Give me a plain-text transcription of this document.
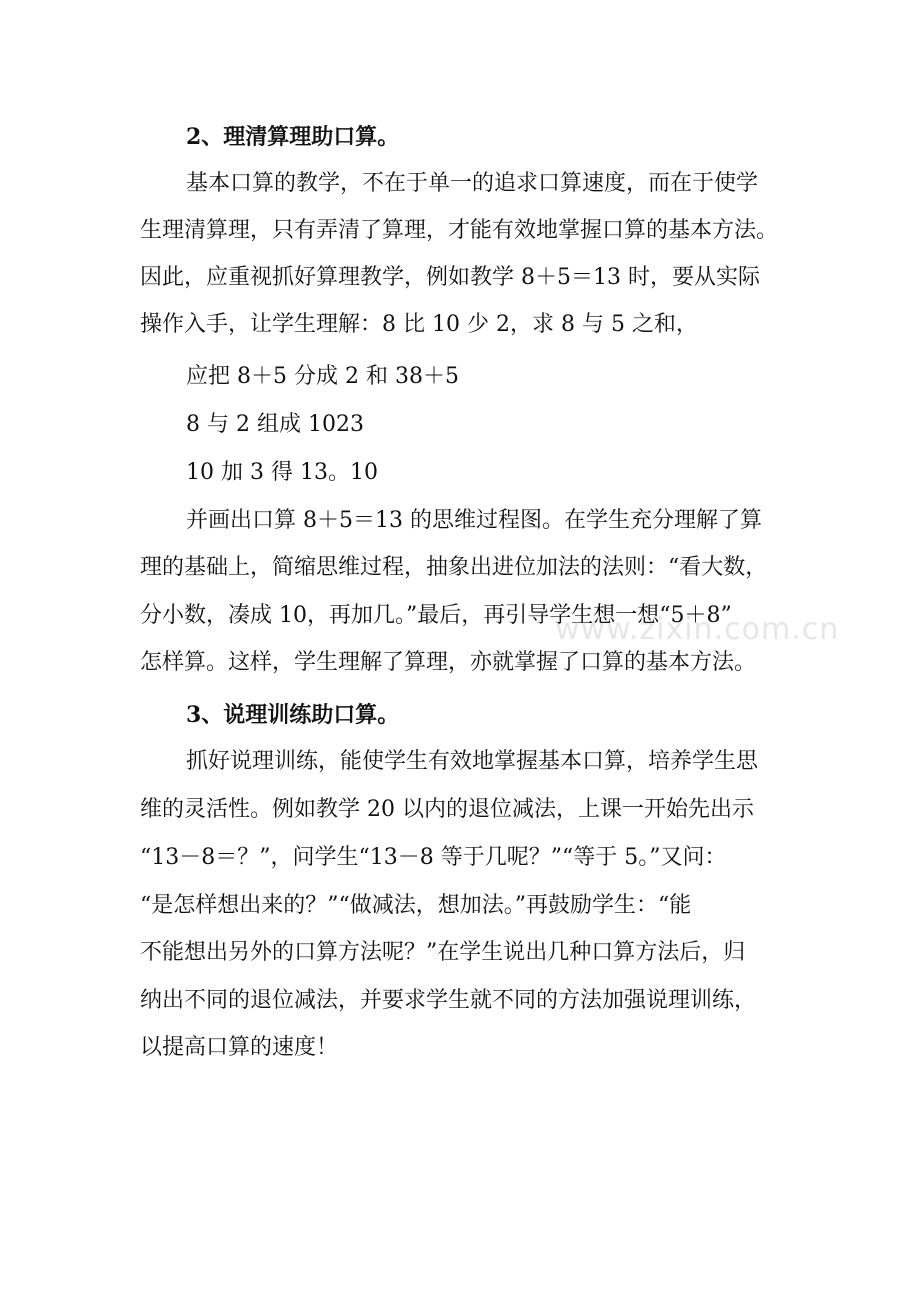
2、理清算理助口算。
基本口算的教学，不在于单一的追求口算速度，而在于使学
生理清算理，只有弄清了算理，才能有效地掌握口算的基本方法。
因此，应重视抓好算理教学，例如教学 8＋5＝13 时，要从实际
操作入手，让学生理解：8 比 10 少 2，求 8 与 5 之和，
应把 8＋5 分成 2 和 38＋5
8 与 2 组成 1023
10 加 3 得 13。10
并画出口算 8＋5＝13 的思维过程图。在学生充分理解了算
理的基础上，简缩思维过程，抽象出进位加法的法则：“看大数，
分小数，凑成 10，再加几。”最后，再引导学生想一想“5＋8”
怎样算。这样，学生理解了算理，亦就掌握了口算的基本方法。
3、说理训练助口算。
抓好说理训练，能使学生有效地掌握基本口算，培养学生思
维的灵活性。例如教学 20 以内的退位减法，上课一开始先出示
“13－8＝？”，问学生“13－8 等于几呢？”“等于 5。”又问：
“是怎样想出来的？”“做减法，想加法。”再鼓励学生：“能
不能想出另外的口算方法呢？”在学生说出几种口算方法后，归
纳出不同的退位减法，并要求学生就不同的方法加强说理训练，
以提高口算的速度！
www.zixin.com.cn
